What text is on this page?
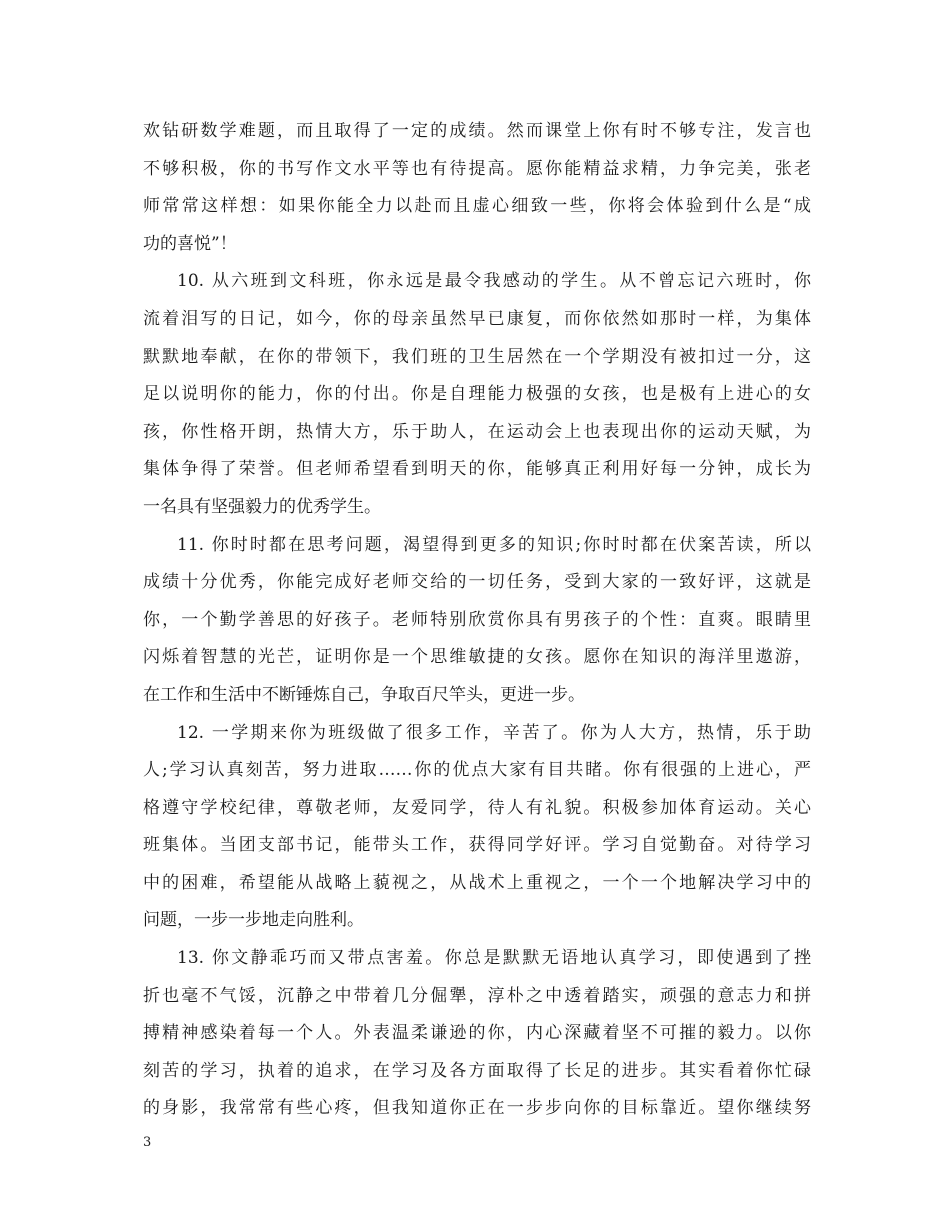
欢钻研数学难题，而且取得了一定的成绩。然而课堂上你有时不够专注，发言也
不够积极，你的书写作文水平等也有待提高。愿你能精益求精，力争完美，张老
师常常这样想：如果你能全力以赴而且虚心细致一些，你将会体验到什么是“成
功的喜悦”！
10. 从六班到文科班，你永远是最令我感动的学生。从不曾忘记六班时，你
流着泪写的日记，如今，你的母亲虽然早已康复，而你依然如那时一样，为集体
默默地奉献，在你的带领下，我们班的卫生居然在一个学期没有被扣过一分，这
足以说明你的能力，你的付出。你是自理能力极强的女孩，也是极有上进心的女
孩，你性格开朗，热情大方，乐于助人，在运动会上也表现出你的运动天赋，为
集体争得了荣誉。但老师希望看到明天的你，能够真正利用好每一分钟，成长为
一名具有坚强毅力的优秀学生。
11. 你时时都在思考问题，渴望得到更多的知识;你时时都在伏案苦读，所以
成绩十分优秀，你能完成好老师交给的一切任务，受到大家的一致好评，这就是
你，一个勤学善思的好孩子。老师特别欣赏你具有男孩子的个性：直爽。眼睛里
闪烁着智慧的光芒，证明你是一个思维敏捷的女孩。愿你在知识的海洋里遨游，
在工作和生活中不断锤炼自己，争取百尺竿头，更进一步。
12. 一学期来你为班级做了很多工作，辛苦了。你为人大方，热情，乐于助
人;学习认真刻苦，努力进取……你的优点大家有目共睹。你有很强的上进心，严
格遵守学校纪律，尊敬老师，友爱同学，待人有礼貌。积极参加体育运动。关心
班集体。当团支部书记，能带头工作，获得同学好评。学习自觉勤奋。对待学习
中的困难，希望能从战略上藐视之，从战术上重视之，一个一个地解决学习中的
问题，一步一步地走向胜利。
13. 你文静乖巧而又带点害羞。你总是默默无语地认真学习，即使遇到了挫
折也毫不气馁，沉静之中带着几分倔犟，淳朴之中透着踏实，顽强的意志力和拼
搏精神感染着每一个人。外表温柔谦逊的你，内心深藏着坚不可摧的毅力。以你
刻苦的学习，执着的追求，在学习及各方面取得了长足的进步。其实看着你忙碌
的身影，我常常有些心疼，但我知道你正在一步步向你的目标靠近。望你继续努
3
